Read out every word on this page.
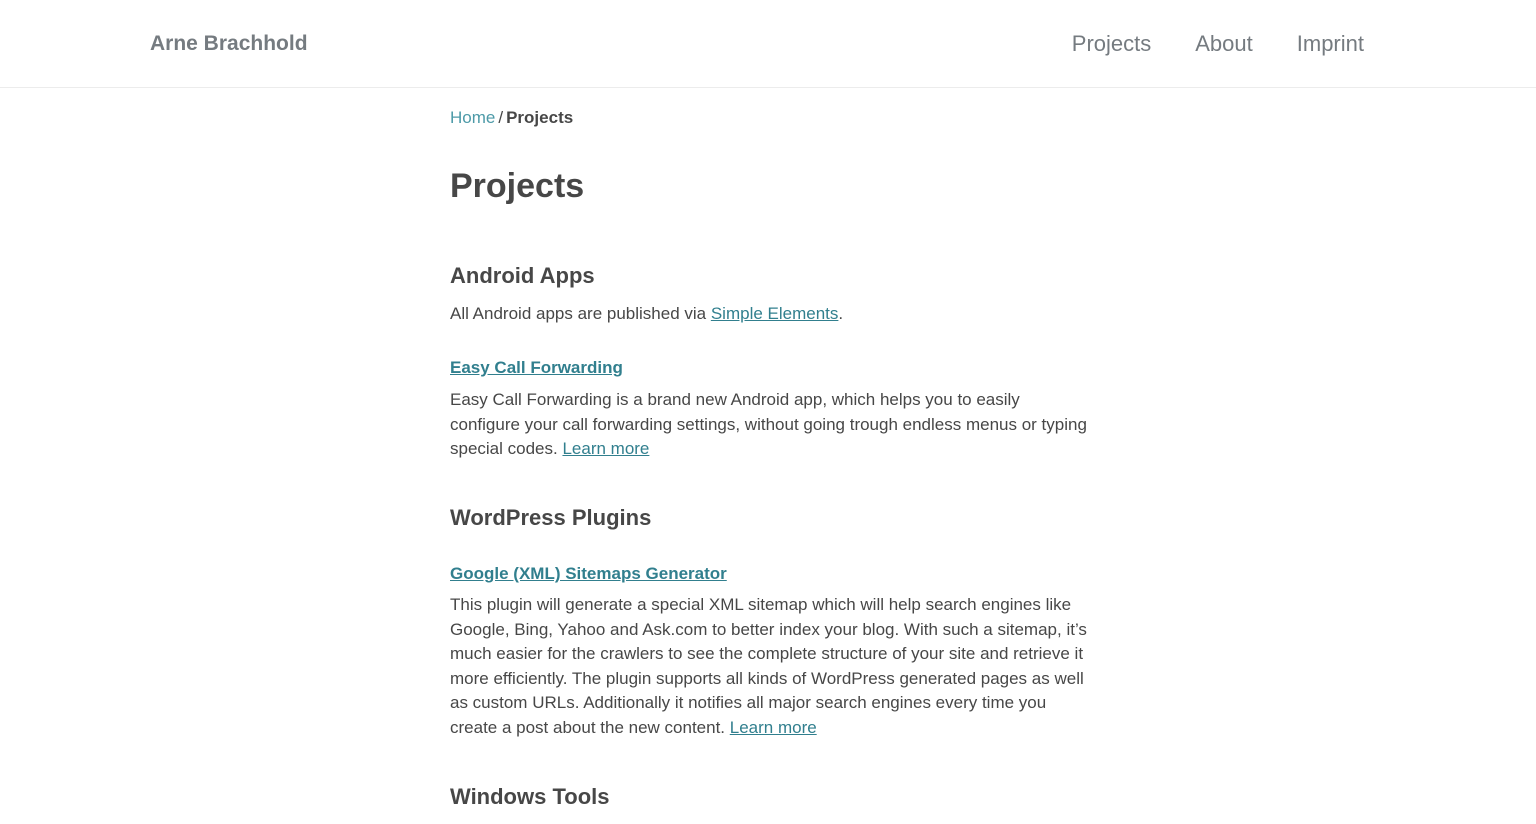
Arne Brachhold	Projects About Imprint
Home / Projects
Projects
Android Apps

All Android apps are published via Simple Elements.

Easy Call Forwarding

Easy Call Forwarding is a brand new Android app, which helps you to easily configure your call forwarding settings, without going trough endless menus or typing special codes. Learn more

WordPress Plugins
Google (XML) Sitemaps Generator

This plugin will generate a special XML sitemap which will help search engines like Google, Bing, Yahoo and Ask.com to better index your blog. With such a sitemap, it’s much easier for the crawlers to see the complete structure of your site and retrieve it more efficiently. The plugin supports all kinds of WordPress generated pages as well as custom URLs. Additionally it notifies all major search engines every time you create a post about the new content. Learn more

Windows Tools
